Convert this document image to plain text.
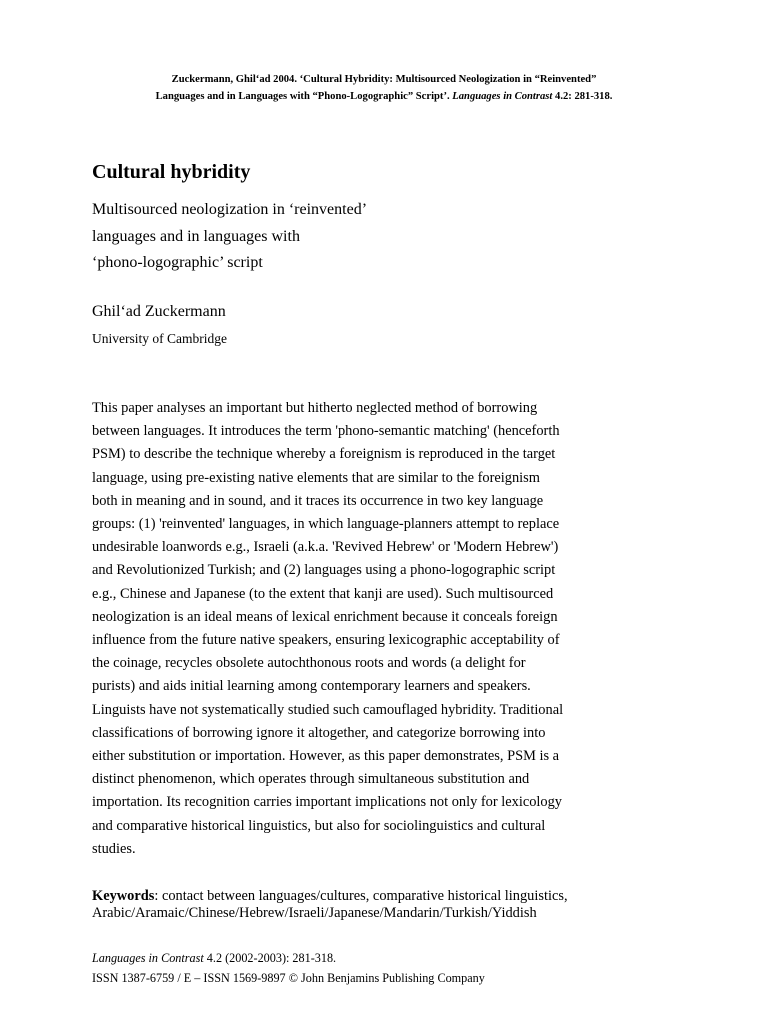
Zuckermann, Ghil‘ad 2004. ‘Cultural Hybridity: Multisourced Neologization in “Reinvented”
Languages and in Languages with “Phono-Logographic” Script’. Languages in Contrast 4.2: 281-318.
Cultural hybridity
Multisourced neologization in ‘reinvented’
languages and in languages with
‘phono-logographic’ script
Ghil‘ad Zuckermann
University of Cambridge
This paper analyses an important but hitherto neglected method of borrowing
between languages. It introduces the term 'phono-semantic matching' (henceforth
PSM) to describe the technique whereby a foreignism is reproduced in the target
language, using pre-existing native elements that are similar to the foreignism
both in meaning and in sound, and it traces its occurrence in two key language
groups: (1) 'reinvented' languages, in which language-planners attempt to replace
undesirable loanwords e.g., Israeli (a.k.a. 'Revived Hebrew' or 'Modern Hebrew')
and Revolutionized Turkish; and (2) languages using a phono-logographic script
e.g., Chinese and Japanese (to the extent that kanji are used). Such multisourced
neologization is an ideal means of lexical enrichment because it conceals foreign
influence from the future native speakers, ensuring lexicographic acceptability of
the coinage, recycles obsolete autochthonous roots and words (a delight for
purists) and aids initial learning among contemporary learners and speakers.
Linguists have not systematically studied such camouflaged hybridity. Traditional
classifications of borrowing ignore it altogether, and categorize borrowing into
either substitution or importation. However, as this paper demonstrates, PSM is a
distinct phenomenon, which operates through simultaneous substitution and
importation. Its recognition carries important implications not only for lexicology
and comparative historical linguistics, but also for sociolinguistics and cultural
studies.
Keywords: contact between languages/cultures, comparative historical linguistics,
Arabic/Aramaic/Chinese/Hebrew/Israeli/Japanese/Mandarin/Turkish/Yiddish
Languages in Contrast 4.2 (2002-2003): 281-318.
ISSN 1387-6759 / E – ISSN 1569-9897 © John Benjamins Publishing Company
